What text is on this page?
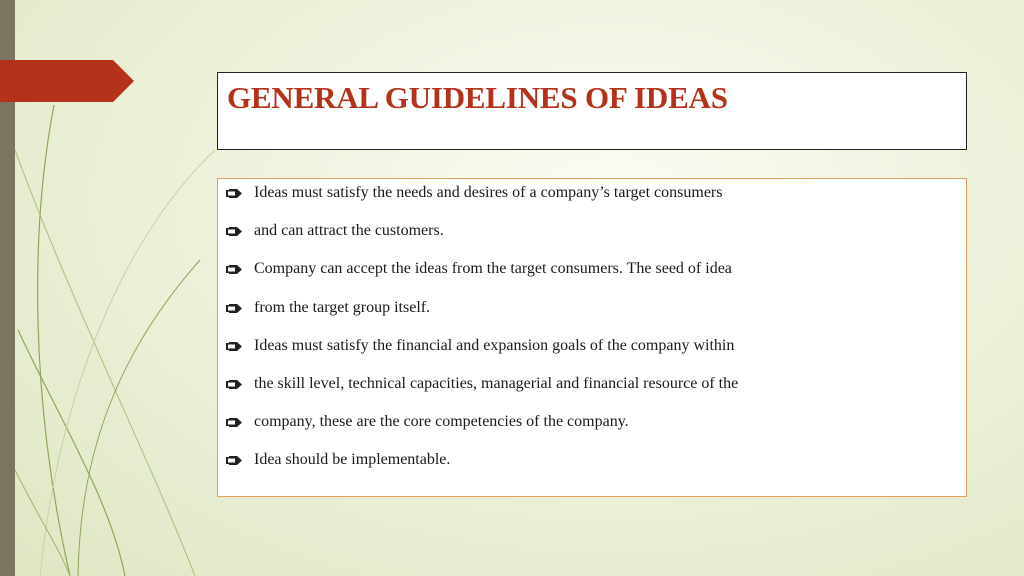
GENERAL GUIDELINES OF IDEAS
Ideas must satisfy the needs and desires of a company’s target consumers
and can attract the customers.
Company can accept the ideas from the target consumers. The seed of idea
from the target group itself.
Ideas must satisfy the financial and expansion goals of the company within
the skill level, technical capacities, managerial and financial resource of the
company, these are the core competencies of the company.
Idea should be implementable.
